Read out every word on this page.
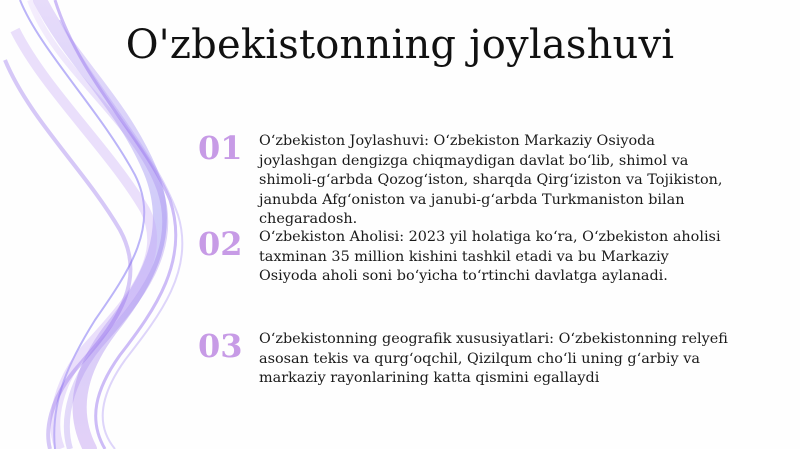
O'zbekistonning joylashuvi
01	O‘zbekiston Joylashuvi: O‘zbekiston Markaziy Osiyoda joylashgan dengizga chiqmaydigan davlat bo‘lib, shimol va shimoli-g‘arbda Qozog‘iston, sharqda Qirg‘iziston va Tojikiston, janubda Afg‘oniston va janubi-g‘arbda Turkmaniston bilan chegaradosh.
02	O‘zbekiston Aholisi: 2023 yil holatiga ko‘ra, O‘zbekiston aholisi taxminan 35 million kishini tashkil etadi va bu Markaziy Osiyoda aholi soni bo‘yicha to‘rtinchi davlatga aylanadi.
03	O‘zbekistonning geografik xususiyatlari: O‘zbekistonning relyefi asosan tekis va qurg‘oqchil, Qizilqum cho‘li uning g‘arbiy va markaziy rayonlarining katta qismini egallaydi
